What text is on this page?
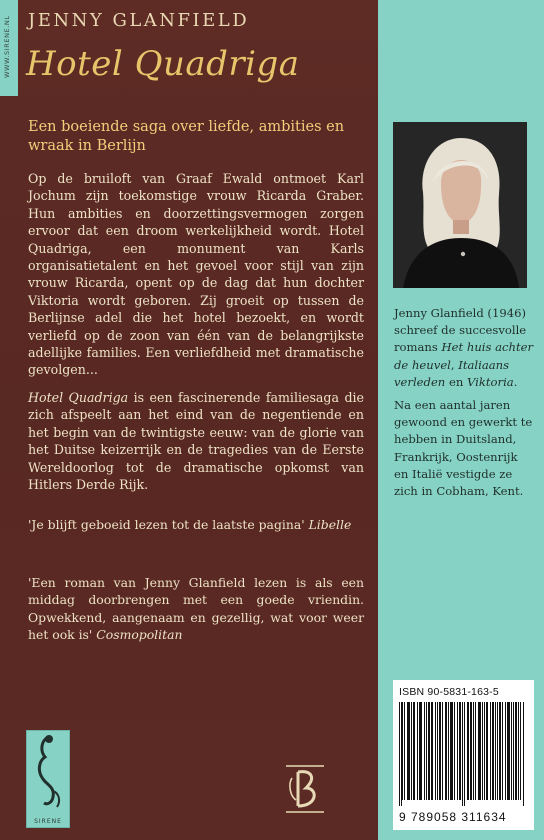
WWW.SIRENE.NL JENNY GLANFIELD
Hotel Quadriga
Een boeiende saga over liefde, ambities en wraak in Berlijn

Op de bruiloft van Graaf Ewald ontmoet Karl Jochum zijn toekomstige vrouw Ricarda Graber. Hun ambities en doorzettingsvermogen zorgen ervoor dat een droom werkelijkheid wordt. Hotel Quadriga, een monument van Karls organisatietalent en het gevoel voor stijl van zijn vrouw Ricarda, opent op de dag dat hun dochter Viktoria wordt geboren. Zij groeit op tussen de Berlijnse adel die het hotel bezoekt, en wordt verliefd op de zoon van één van de belangrijkste adellijke families. Een verliefdheid met dramatische gevolgen...

Hotel Quadriga is een fascinerende familiesaga die zich afspeelt aan het eind van de negentiende en het begin van de twintigste eeuw: van de glorie van het Duitse keizerrijk en de tragedies van de Eerste Wereldoorlog tot de dramatische opkomst van Hitlers Derde Rijk.

'Je blijft geboeid lezen tot de laatste pagina' Libelle
'Een roman van Jenny Glanfield lezen is als een middag doorbrengen met een goede vriendin. Opwekkend, aangenaam en gezellig, wat voor weer het ook is' Cosmopolitan
SIRENE

Jenny Glanfield (1946) schreef de succesvolle romans Het huis achter de heuvel, Italiaans verleden en Viktoria.

Na een aantal jaren gewoond en gewerkt te hebben in Duitsland, Frankrijk, Oostenrijk en Italië vestigde ze zich in Cobham, Kent.

ISBN 90-5831-163-5
9 789058 311634
